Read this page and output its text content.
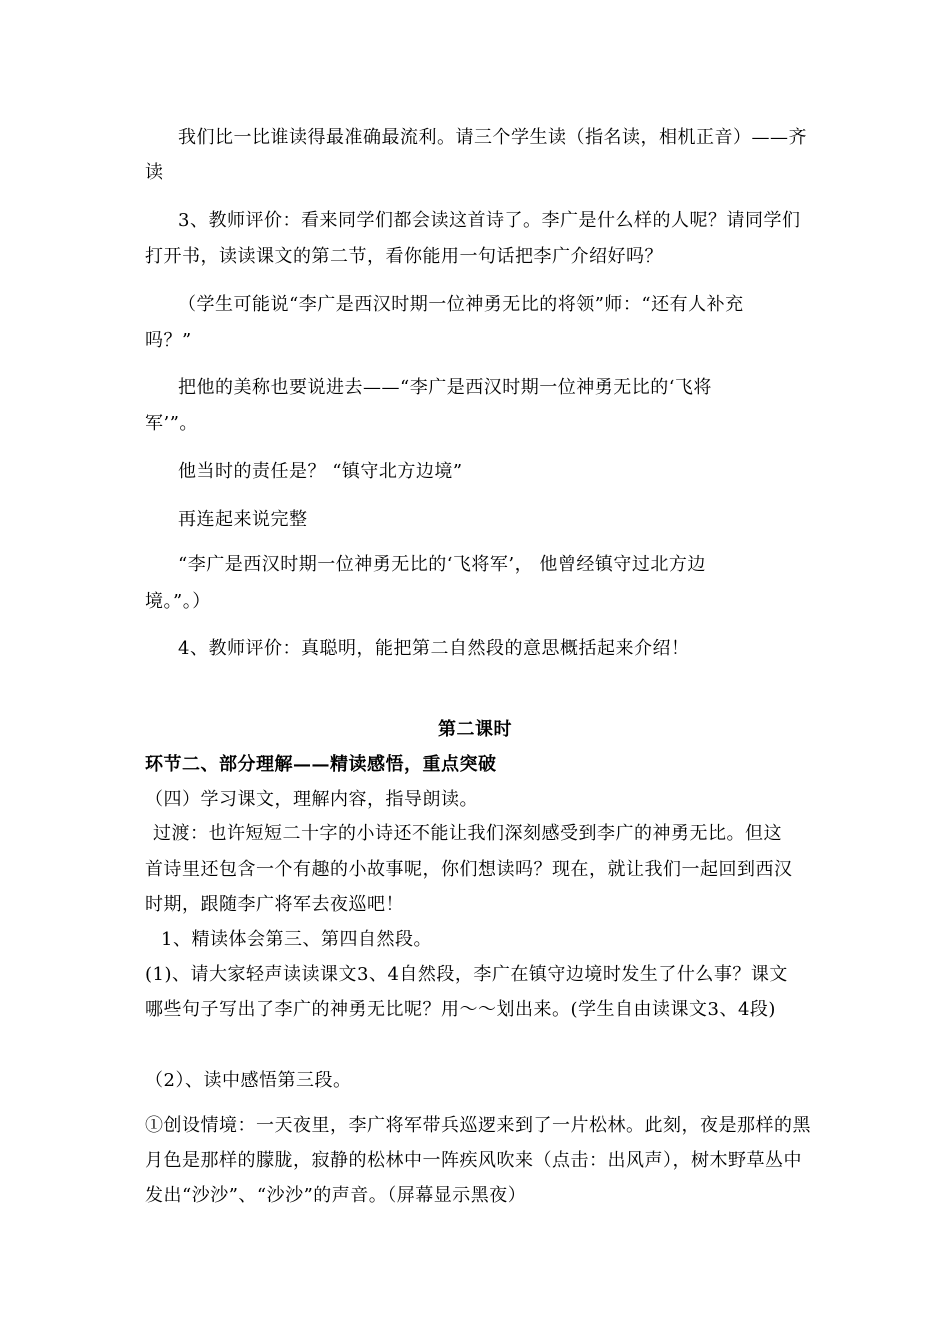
我们比一比谁读得最准确最流利。请三个学生读（指名读，相机正音）——齐
读
3、教师评价：看来同学们都会读这首诗了。李广是什么样的人呢？请同学们
打开书，读读课文的第二节，看你能用一句话把李广介绍好吗？
（学生可能说“李广是西汉时期一位神勇无比的将领”师：“还有人补充
吗？”
把他的美称也要说进去——“李广是西汉时期一位神勇无比的‘飞将
军’”。
他当时的责任是？ “镇守北方边境”
再连起来说完整
“李广是西汉时期一位神勇无比的‘飞将军’， 他曾经镇守过北方边
境。”。）
4、教师评价：真聪明，能把第二自然段的意思概括起来介绍！
第二课时
环节二、部分理解——精读感悟，重点突破
（四）学习课文，理解内容，指导朗读。
过渡：也许短短二十字的小诗还不能让我们深刻感受到李广的神勇无比。但这
首诗里还包含一个有趣的小故事呢，你们想读吗？现在，就让我们一起回到西汉
时期，跟随李广将军去夜巡吧！
1、精读体会第三、第四自然段。
(1)、请大家轻声读读课文3、4自然段，李广在镇守边境时发生了什么事？课文
哪些句子写出了李广的神勇无比呢？用～～划出来。(学生自由读课文3、4段)
（2）、读中感悟第三段。
①创设情境：一天夜里，李广将军带兵巡逻来到了一片松林。此刻，夜是那样的黑
月色是那样的朦胧，寂静的松林中一阵疾风吹来（点击：出风声），树木野草丛中
发出“沙沙”、“沙沙”的声音。（屏幕显示黑夜）
